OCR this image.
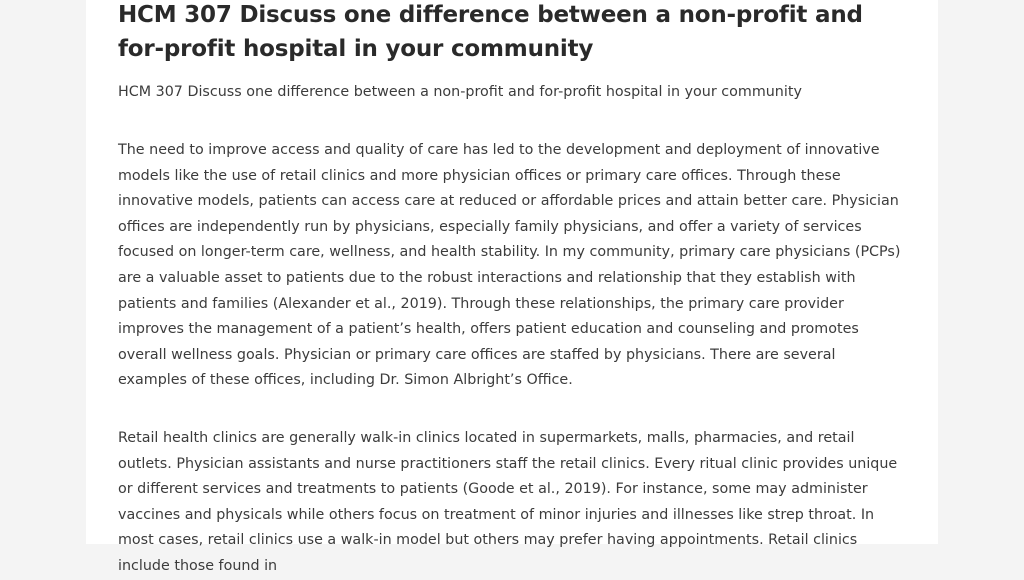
HCM 307 Discuss one difference between a non-profit and for-profit hospital in your community

HCM 307 Discuss one difference between a non-profit and for-profit hospital in your community

The need to improve access and quality of care has led to the development and deployment of innovative models like the use of retail clinics and more physician offices or primary care offices. Through these innovative models, patients can access care at reduced or affordable prices and attain better care. Physician offices are independently run by physicians, especially family physicians, and offer a variety of services focused on longer-term care, wellness, and health stability. In my community, primary care physicians (PCPs) are a valuable asset to patients due to the robust interactions and relationship that they establish with patients and families (Alexander et al., 2019). Through these relationships, the primary care provider improves the management of a patient’s health, offers patient education and counseling and promotes overall wellness goals. Physician or primary care offices are staffed by physicians. There are several examples of these offices, including Dr. Simon Albright’s Office.

Retail health clinics are generally walk-in clinics located in supermarkets, malls, pharmacies, and retail outlets. Physician assistants and nurse practitioners staff the retail clinics. Every ritual clinic provides unique or different services and treatments to patients (Goode et al., 2019). For instance, some may administer vaccines and physicals while others focus on treatment of minor injuries and illnesses like strep throat. In most cases, retail clinics use a walk-in model but others may prefer having appointments. Retail clinics include those found in
